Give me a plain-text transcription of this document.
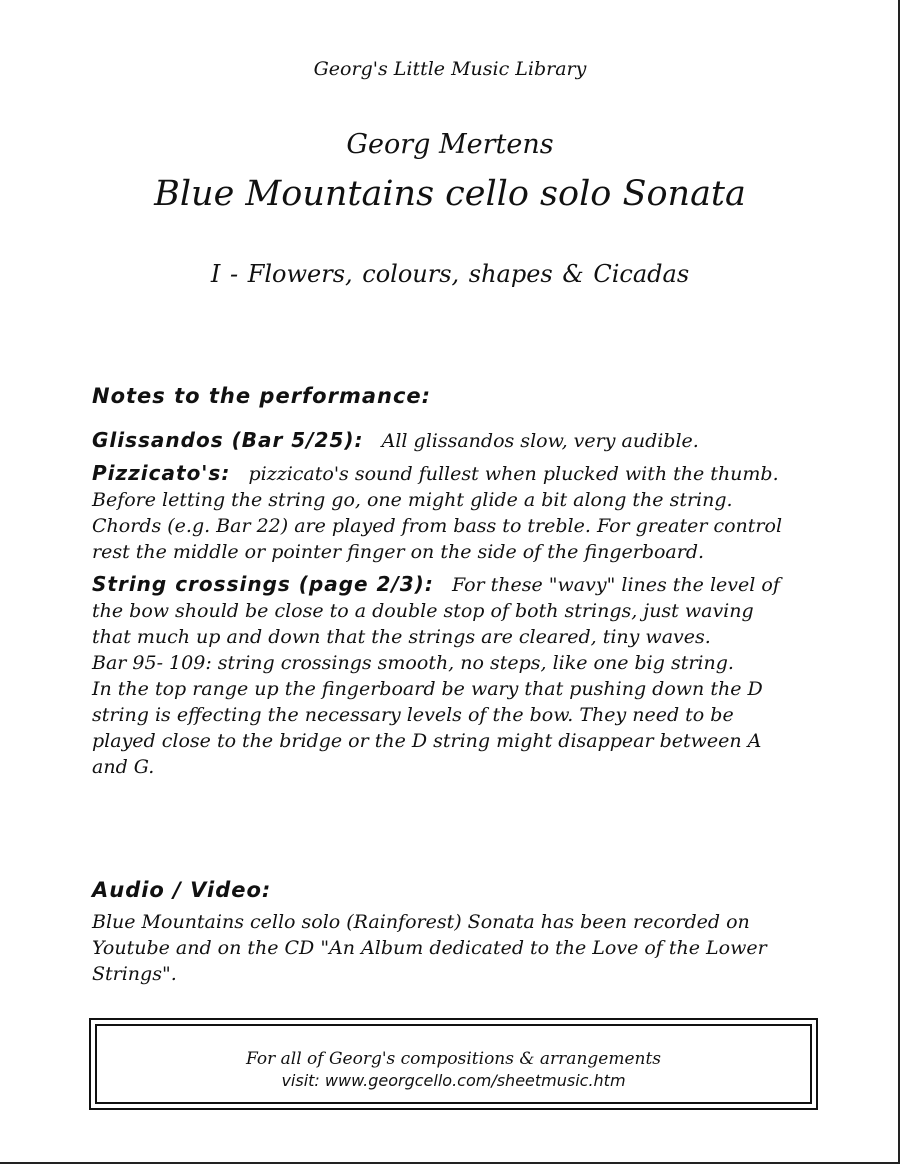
Georg's Little Music Library
Georg Mertens
Blue Mountains cello solo Sonata
I - Flowers, colours, shapes & Cicadas

Notes to the performance:

Glissandos (Bar 5/25): All glissandos slow, very audible.

Pizzicato's: pizzicato's sound fullest when plucked with the thumb.
Before letting the string go, one might glide a bit along the string.
Chords (e.g. Bar 22) are played from bass to treble. For greater control
rest the middle or pointer finger on the side of the fingerboard.

String crossings (page 2/3): For these "wavy" lines the level of
the bow should be close to a double stop of both strings, just waving
that much up and down that the strings are cleared, tiny waves.
Bar 95- 109: string crossings smooth, no steps, like one big string.
In the top range up the fingerboard be wary that pushing down the D
string is effecting the necessary levels of the bow. They need to be
played close to the bridge or the D string might disappear between A
and G.

Audio / Video:

Blue Mountains cello solo (Rainforest) Sonata has been recorded on
Youtube and on the CD "An Album dedicated to the Love of the Lower
Strings".

For all of Georg's compositions & arrangements
visit: www.georgcello.com/sheetmusic.htm
